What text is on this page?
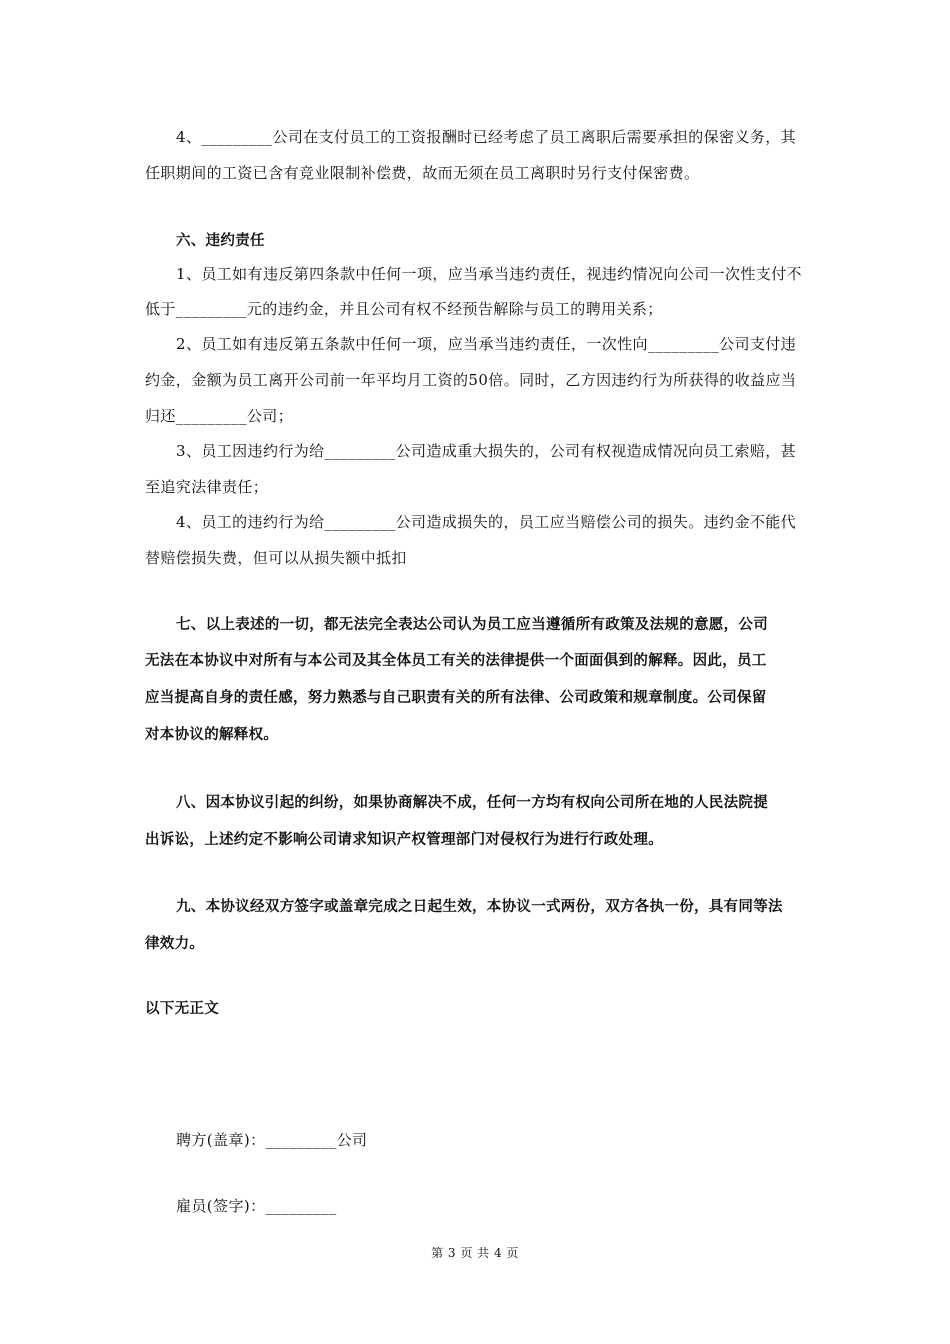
4、_________公司在支付员工的工资报酬时已经考虑了员工离职后需要承担的保密义务，其
任职期间的工资已含有竞业限制补偿费，故而无须在员工离职时另行支付保密费。
六、违约责任
1、员工如有违反第四条款中任何一项，应当承当违约责任，视违约情况向公司一次性支付不
低于_________元的违约金，并且公司有权不经预告解除与员工的聘用关系；
2、员工如有违反第五条款中任何一项，应当承当违约责任，一次性向_________公司支付违
约金，金额为员工离开公司前一年平均月工资的50倍。同时，乙方因违约行为所获得的收益应当
归还_________公司；
3、员工因违约行为给_________公司造成重大损失的，公司有权视造成情况向员工索赔，甚
至追究法律责任；
4、员工的违约行为给_________公司造成损失的，员工应当赔偿公司的损失。违约金不能代
替赔偿损失费，但可以从损失额中抵扣
七、以上表述的一切，都无法完全表达公司认为员工应当遵循所有政策及法规的意愿，公司
无法在本协议中对所有与本公司及其全体员工有关的法律提供一个面面俱到的解释。因此，员工
应当提高自身的责任感，努力熟悉与自己职责有关的所有法律、公司政策和规章制度。公司保留
对本协议的解释权。
八、因本协议引起的纠纷，如果协商解决不成，任何一方均有权向公司所在地的人民法院提
出诉讼，上述约定不影响公司请求知识产权管理部门对侵权行为进行行政处理。
九、本协议经双方签字或盖章完成之日起生效，本协议一式两份，双方各执一份，具有同等法
律效力。
以下无正文
聘方(盖章)：_________公司
雇员(签字)：_________
第 3 页 共 4 页
